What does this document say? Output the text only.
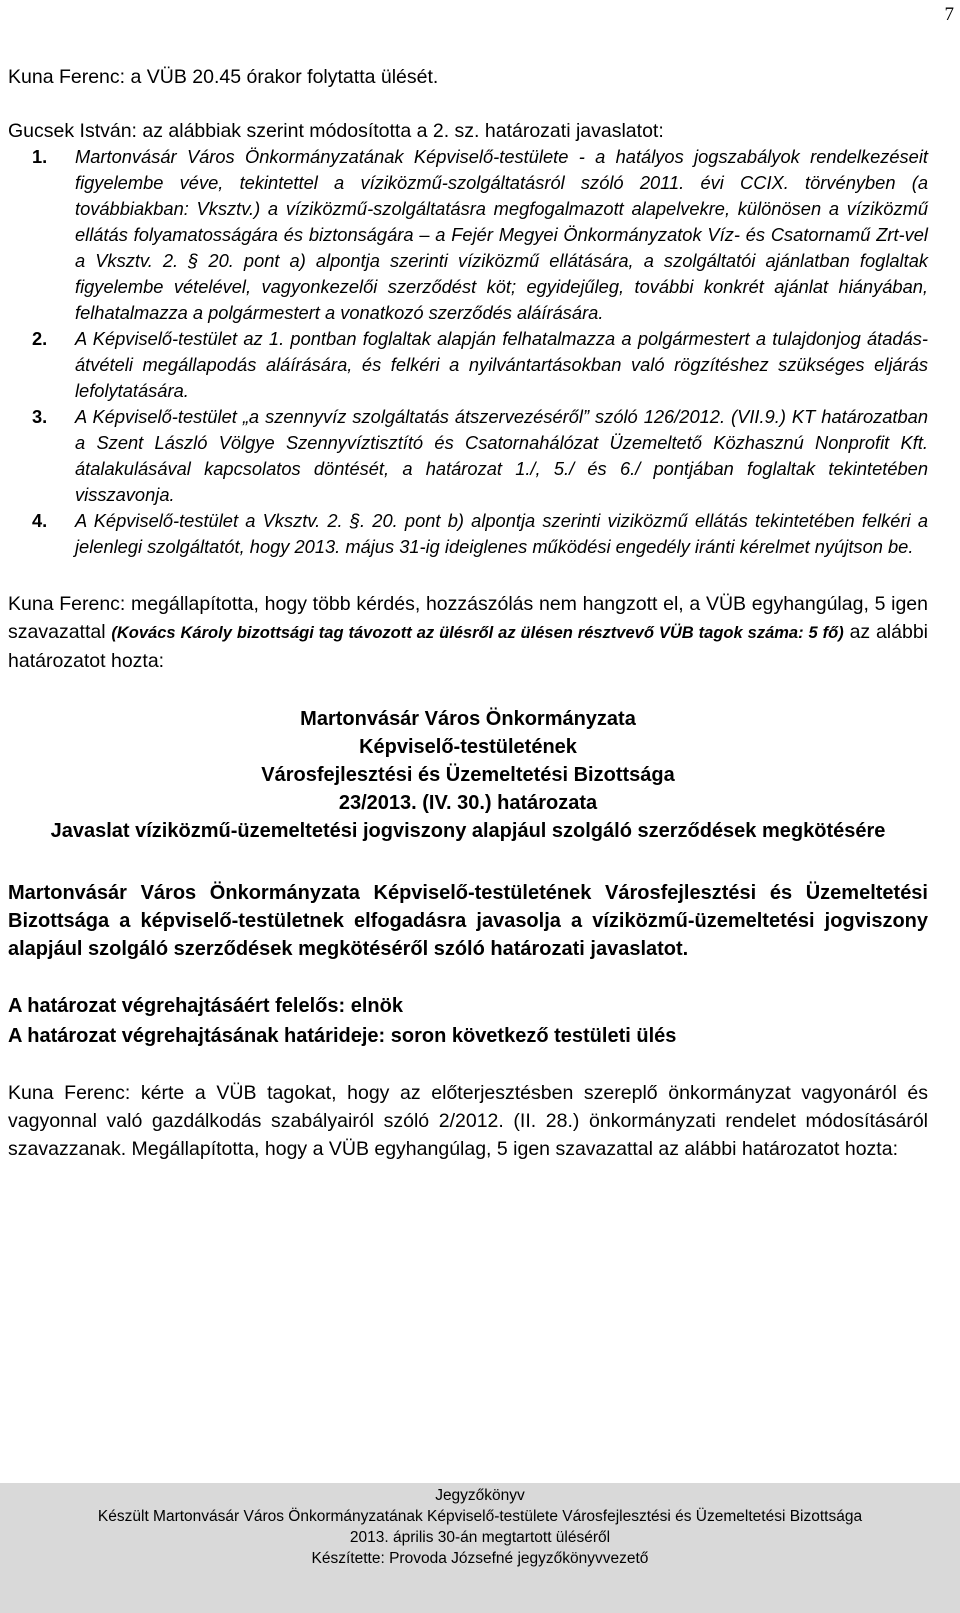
7

Kuna Ferenc: a VÜB 20.45 órakor folytatta ülését.

Gucsek István: az alábbiak szerint módosította a 2. sz. határozati javaslatot:

1.	Martonvásár Város Önkormányzatának Képviselő-testülete - a hatályos jogszabályok rendelkezéseit figyelembe véve, tekintettel a víziközmű-szolgáltatásról szóló 2011. évi CCIX. törvényben (a továbbiakban: Vksztv.) a víziközmű-szolgáltatásra megfogalmazott alapelvekre, különösen a víziközmű ellátás folyamatosságára és biztonságára – a Fejér Megyei Önkormányzatok Víz- és Csatornamű Zrt-vel a Vksztv. 2. § 20. pont a) alpontja szerinti víziközmű ellátására, a szolgáltatói ajánlatban foglaltak figyelembe vételével, vagyonkezelői szerződést köt; egyidejűleg, további konkrét ajánlat hiányában, felhatalmazza a polgármestert a vonatkozó szerződés aláírására.
2.	A Képviselő-testület az 1. pontban foglaltak alapján felhatalmazza a polgármestert a tulajdonjog átadás-átvételi megállapodás aláírására, és felkéri a nyilvántartásokban való rögzítéshez szükséges eljárás lefolytatására.
3.	A Képviselő-testület „a szennyvíz szolgáltatás átszervezéséről” szóló 126/2012. (VII.9.) KT határozatban a Szent László Völgye Szennyvíztisztító és Csatornahálózat Üzemeltető Közhasznú Nonprofit Kft. átalakulásával kapcsolatos döntését, a határozat 1./, 5./ és 6./ pontjában foglaltak tekintetében visszavonja.
4.	A Képviselő-testület a Vksztv. 2. §. 20. pont b) alpontja szerinti viziközmű ellátás tekintetében felkéri a jelenlegi szolgáltatót, hogy 2013. május 31-ig ideiglenes működési engedély iránti kérelmet nyújtson be.

Kuna Ferenc: megállapította, hogy több kérdés, hozzászólás nem hangzott el, a VÜB egyhangúlag, 5 igen szavazattal (Kovács Károly bizottsági tag távozott az ülésről az ülésen résztvevő VÜB tagok száma: 5 fő) az alábbi határozatot hozta:

Martonvásár Város Önkormányzata

Képviselő-testületének

Városfejlesztési és Üzemeltetési Bizottsága

23/2013. (IV. 30.) határozata

Javaslat víziközmű-üzemeltetési jogviszony alapjául szolgáló szerződések megkötésére

Martonvásár Város Önkormányzata Képviselő-testületének Városfejlesztési és Üzemeltetési Bizottsága a képviselő-testületnek elfogadásra javasolja a víziközmű-üzemeltetési jogviszony alapjául szolgáló szerződések megkötéséről szóló határozati javaslatot.

A határozat végrehajtásáért felelős: elnök

A határozat végrehajtásának határideje: soron következő testületi ülés

Kuna Ferenc: kérte a VÜB tagokat, hogy az előterjesztésben szereplő önkormányzat vagyonáról és vagyonnal való gazdálkodás szabályairól szóló 2/2012. (II. 28.) önkormányzati rendelet módosításáról szavazzanak. Megállapította, hogy a VÜB egyhangúlag, 5 igen szavazattal az alábbi határozatot hozta:

Jegyzőkönyv
Készült Martonvásár Város Önkormányzatának Képviselő-testülete Városfejlesztési és Üzemeltetési Bizottsága
2013. április 30-án megtartott üléséről
Készítette: Provoda Józsefné jegyzőkönyvvezető
